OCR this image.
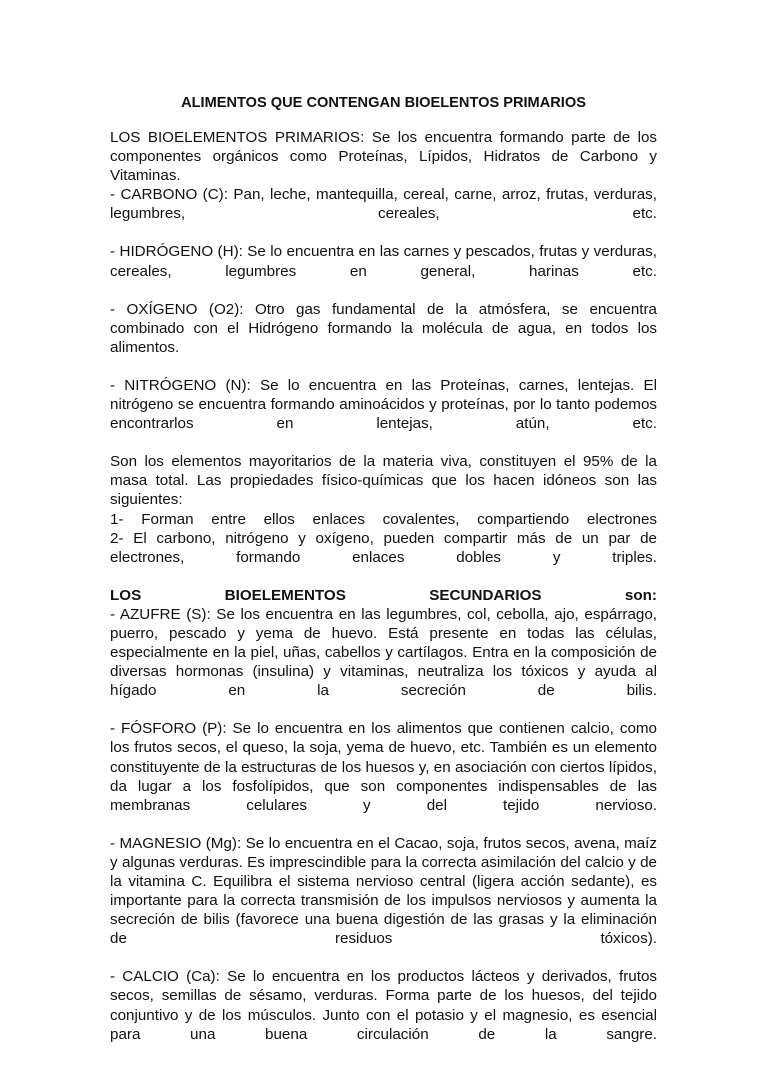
ALIMENTOS QUE CONTENGAN BIOELENTOS PRIMARIOS

LOS BIOELEMENTOS PRIMARIOS: Se los encuentra formando parte de los componentes orgánicos como Proteínas, Lípidos, Hidratos de Carbono y Vitaminas.

- CARBONO (C): Pan, leche, mantequilla, cereal, carne, arroz, frutas, verduras, legumbres, cereales, etc.

- HIDRÓGENO (H): Se lo encuentra en las carnes y pescados, frutas y verduras, cereales, legumbres en general, harinas etc.

- OXÍGENO (O2): Otro gas fundamental de la atmósfera, se encuentra combinado con el Hidrógeno formando la molécula de agua, en todos los alimentos.

- NITRÓGENO (N): Se lo encuentra en las Proteínas, carnes, lentejas. El nitrógeno se encuentra formando aminoácidos y proteínas, por lo tanto podemos encontrarlos en lentejas, atún, etc.

Son los elementos mayoritarios de la materia viva, constituyen el 95% de la masa total. Las propiedades físico-químicas que los hacen idóneos son las siguientes:

1- Forman entre ellos enlaces covalentes, compartiendo electrones

2- El carbono, nitrógeno y oxígeno, pueden compartir más de un par de electrones, formando enlaces dobles y triples.

LOS BIOELEMENTOS SECUNDARIOS son:

- AZUFRE (S): Se los encuentra en las legumbres, col, cebolla, ajo, espárrago, puerro, pescado y yema de huevo. Está presente en todas las células, especialmente en la piel, uñas, cabellos y cartílagos. Entra en la composición de diversas hormonas (insulina) y vitaminas, neutraliza los tóxicos y ayuda al hígado en la secreción de bilis.

- FÓSFORO (P): Se lo encuentra en los alimentos que contienen calcio, como los frutos secos, el queso, la soja, yema de huevo, etc. También es un elemento constituyente de la estructuras de los huesos y, en asociación con ciertos lípidos, da lugar a los fosfolípidos, que son componentes indispensables de las membranas celulares y del tejido nervioso.

- MAGNESIO (Mg): Se lo encuentra en el Cacao, soja, frutos secos, avena, maíz y algunas verduras. Es imprescindible para la correcta asimilación del calcio y de la vitamina C. Equilibra el sistema nervioso central (ligera acción sedante), es importante para la correcta transmisión de los impulsos nerviosos y aumenta la secreción de bilis (favorece una buena digestión de las grasas y la eliminación de residuos tóxicos).

- CALCIO (Ca): Se lo encuentra en los productos lácteos y derivados, frutos secos, semillas de sésamo, verduras. Forma parte de los huesos, del tejido conjuntivo y de los músculos. Junto con el potasio y el magnesio, es esencial para una buena circulación de la sangre.
